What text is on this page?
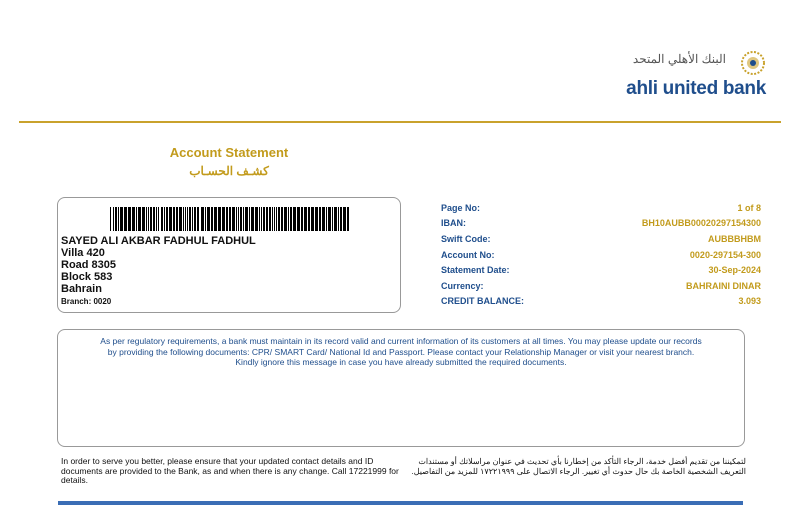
البنك الأهلي المتحد
ahli united bank
Account Statement
كشـف الحسـاب
SAYED ALI AKBAR FADHUL FADHUL
Villa 420
Road 8305
Block 583
Bahrain
Branch: 0020
Page No:	1 of 8
IBAN:	BH10AUBB00020297154300
Swift Code:	AUBBBHBM
Account No:	0020-297154-300
Statement Date:	30-Sep-2024
Currency:	BAHRAINI DINAR
CREDIT BALANCE:	3.093
As per regulatory requirements, a bank must maintain in its record valid and current information of its customers at all times. You may please update our records
by providing the following documents: CPR/ SMART Card/ National Id and Passport. Please contact your Relationship Manager or visit your nearest branch.
Kindly ignore this message in case you have already submitted the required documents.
In order to serve you better, please ensure that your updated contact details and ID documents are provided to the Bank, as and when there is any change. Call 17221999 for details.
لتمكيننا من تقديم أفضل خدمة، الرجاء التأكد من إخطارنا بأي تحديث في عنوان مراسلاتك أو مستندات التعريف الشخصية الخاصة بك حال حدوث أي تغيير. الرجاء الاتصال على ١٧٢٢١٩٩٩ للمزيد من التفاصيل.
